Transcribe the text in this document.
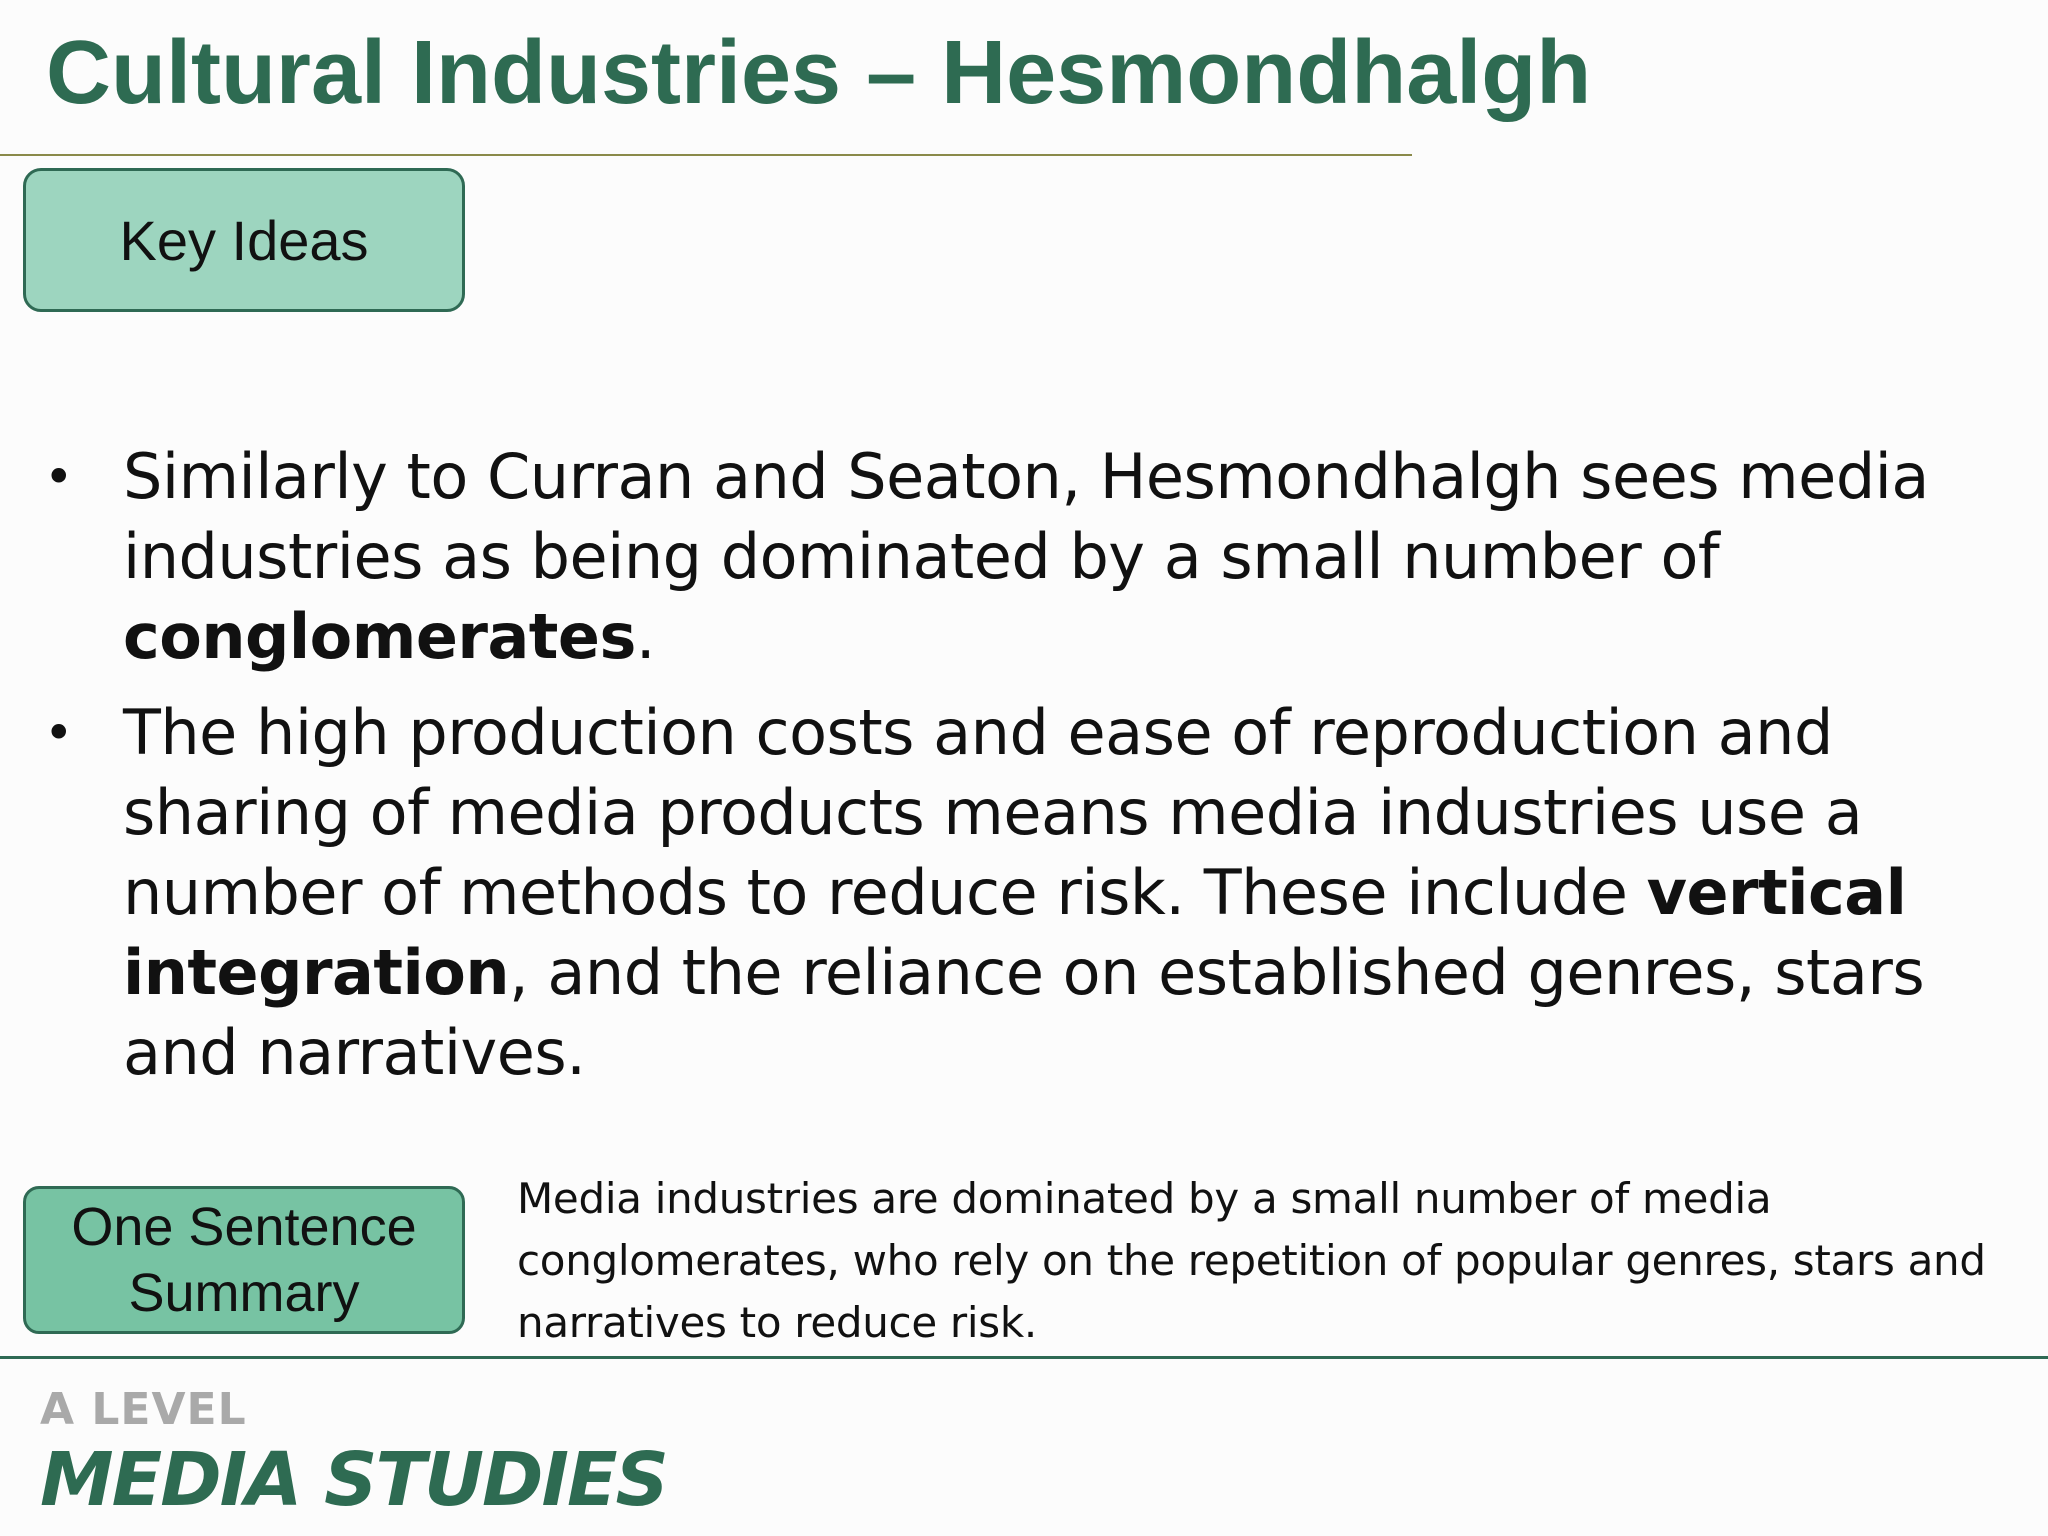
Cultural Industries – Hesmondhalgh
Key Ideas
• Similarly to Curran and Seaton, Hesmondhalgh sees media industries as being dominated by a small number of conglomerates.
• The high production costs and ease of reproduction and sharing of media products means media industries use a number of methods to reduce risk. These include vertical integration, and the reliance on established genres, stars and narratives.
One Sentence Summary
Media industries are dominated by a small number of media conglomerates, who rely on the repetition of popular genres, stars and narratives to reduce risk.
A LEVEL
MEDIA STUDIES
